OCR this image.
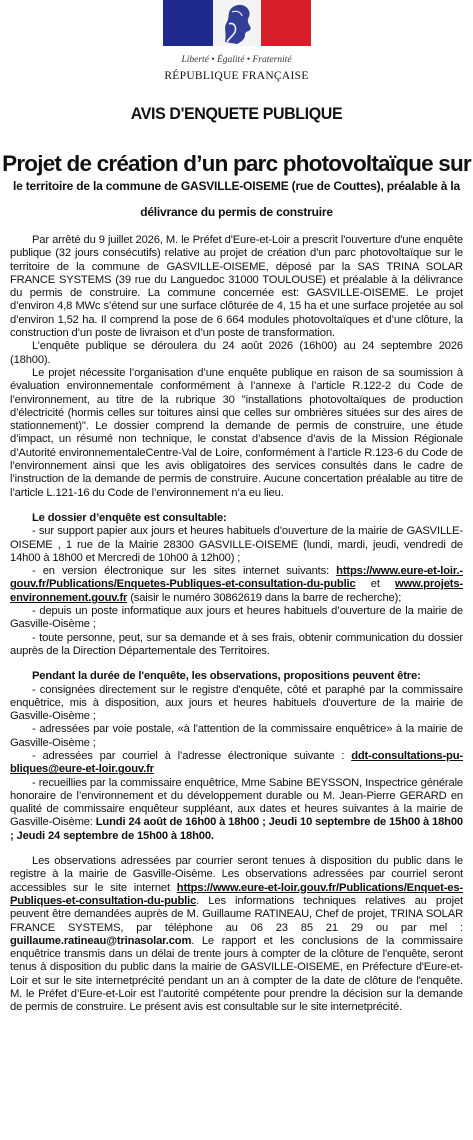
Liberté • Égalité • Fraternité
RÉPUBLIQUE FRANÇAISE
AVIS D'ENQUETE PUBLIQUE
Projet de création d’un parc photovoltaïque sur
le territoire de la commune de GASVILLE-OISEME (rue de Couttes), préalable à la
délivrance du permis de construire

Par arrêté du 9 juillet 2026, M. le Préfet d'Eure-et-Loir a prescrit l'ouverture d'une enquête publique (32 jours consécutifs) relative au projet de création d’un parc photovoltaïque sur le territoire de la commune de GASVILLE-OISEME, déposé par la SAS TRINA SOLAR FRANCE SYSTEMS (39 rue du Languedoc 31000 TOULOUSE) et préalable à la délivrance du permis de construire. La commune concernée est: GASVILLE-OISEME. Le projet d’environ 4,8 MWc s’étend sur une surface clôturée de 4, 15 ha et une surface projetée au sol d’environ 1,52 ha. Il comprend la pose de 6 664 modules photovoltaïques et d’une clôture, la construction d’un poste de livraison et d’un poste de transformation.

L’enquête publique se déroulera du 24 août 2026 (16h00) au 24 septembre 2026 (18h00).

Le projet nécessite l’organisation d’une enquête publique en raison de sa soumission à évaluation environnementale conformément à l’annexe à l’article R.122-2 du Code de l’environnement, au titre de la rubrique 30 "installations photovoltaïques de production d’électricité (hormis celles sur toitures ainsi que celles sur ombrières situées sur des aires de stationnement)". Le dossier comprend la demande de permis de construire, une étude d’impact, un résumé non technique, le constat d’absence d’avis de la Mission Régionale d’Autorité environnementaleCentre-Val de Loire, conformément à l’article R.123-6 du Code de l’environnement ainsi que les avis obligatoires des services consultés dans le cadre de l’instruction de la demande de permis de construire. Aucune concertation préalable au titre de l’article L.121-16 du Code de l’environnement n’a eu lieu.

Le dossier d’enquête est consultable:

- sur support papier aux jours et heures habituels d’ouverture de la mairie de GASVILLE-OISEME , 1 rue de la Mairie 28300 GASVILLE-OISEME (lundi, mardi, jeudi, vendredi de 14h00 à 18h00 et Mercredi de 10h00 à 12h00) ;

- en version électronique sur les sites internet suivants: https://www.eure-et-loir.-gouv.fr/Publications/Enquetes-Publiques-et-consultation-du-public et www.projets-environnement.gouv.fr (saisir le numéro 30862619 dans la barre de recherche);

- depuis un poste informatique aux jours et heures habituels d’ouverture de la mairie de Gasville-Oisème ;

- toute personne, peut, sur sa demande et à ses frais, obtenir communication du dossier auprès de la Direction Départementale des Territoires.

Pendant la durée de l'enquête, les observations, propositions peuvent être:

- consignées directement sur le registre d'enquête, côté et paraphé par la commissaire enquêtrice, mis à disposition, aux jours et heures habituels d'ouverture de la mairie de Gasville-Oisème ;

- adressées par voie postale, «à l'attention de la commissaire enquêtrice» à la mairie de Gasville-Oisème ;

- adressées par courriel à l’adresse électronique suivante : ddt-consultations-pu-bliques@eure-et-loir.gouv.fr

- recueillies par la commissaire enquêtrice, Mme Sabine BEYSSON, Inspectrice générale honoraire de l’environnement et du développement durable ou M. Jean-Pierre GERARD en qualité de commissaire enquêteur suppléant, aux dates et heures suivantes à la mairie de Gasville-Oisème: Lundi 24 août de 16h00 à 18h00 ; Jeudi 10 septembre de 15h00 à 18h00 ; Jeudi 24 septembre de 15h00 à 18h00.

Les observations adressées par courrier seront tenues à disposition du public dans le registre à la mairie de Gasville-Oisème. Les observations adressées par courriel seront accessibles sur le site internet https://www.eure-et-loir.gouv.fr/Publications/Enquet-es-Publiques-et-consultation-du-public. Les informations techniques relatives au projet peuvent être demandées auprès de M. Guillaume RATINEAU, Chef de projet, TRINA SOLAR FRANCE SYSTEMS, par téléphone au 06 23 85 21 29 ou par mel : guillaume.ratineau@trinasolar.com. Le rapport et les conclusions de la commissaire enquêtrice transmis dans un délai de trente jours à compter de la clôture de l'enquête, seront tenus à disposition du public dans la mairie de GASVILLE-OISEME, en Préfecture d'Eure-et-Loir et sur le site internetprécité pendant un an à compter de la date de clôture de l'enquête. M. le Préfet d’Eure-et-Loir est l’autorité compétente pour prendre la décision sur la demande de permis de construire. Le présent avis est consultable sur le site internetprécité.
